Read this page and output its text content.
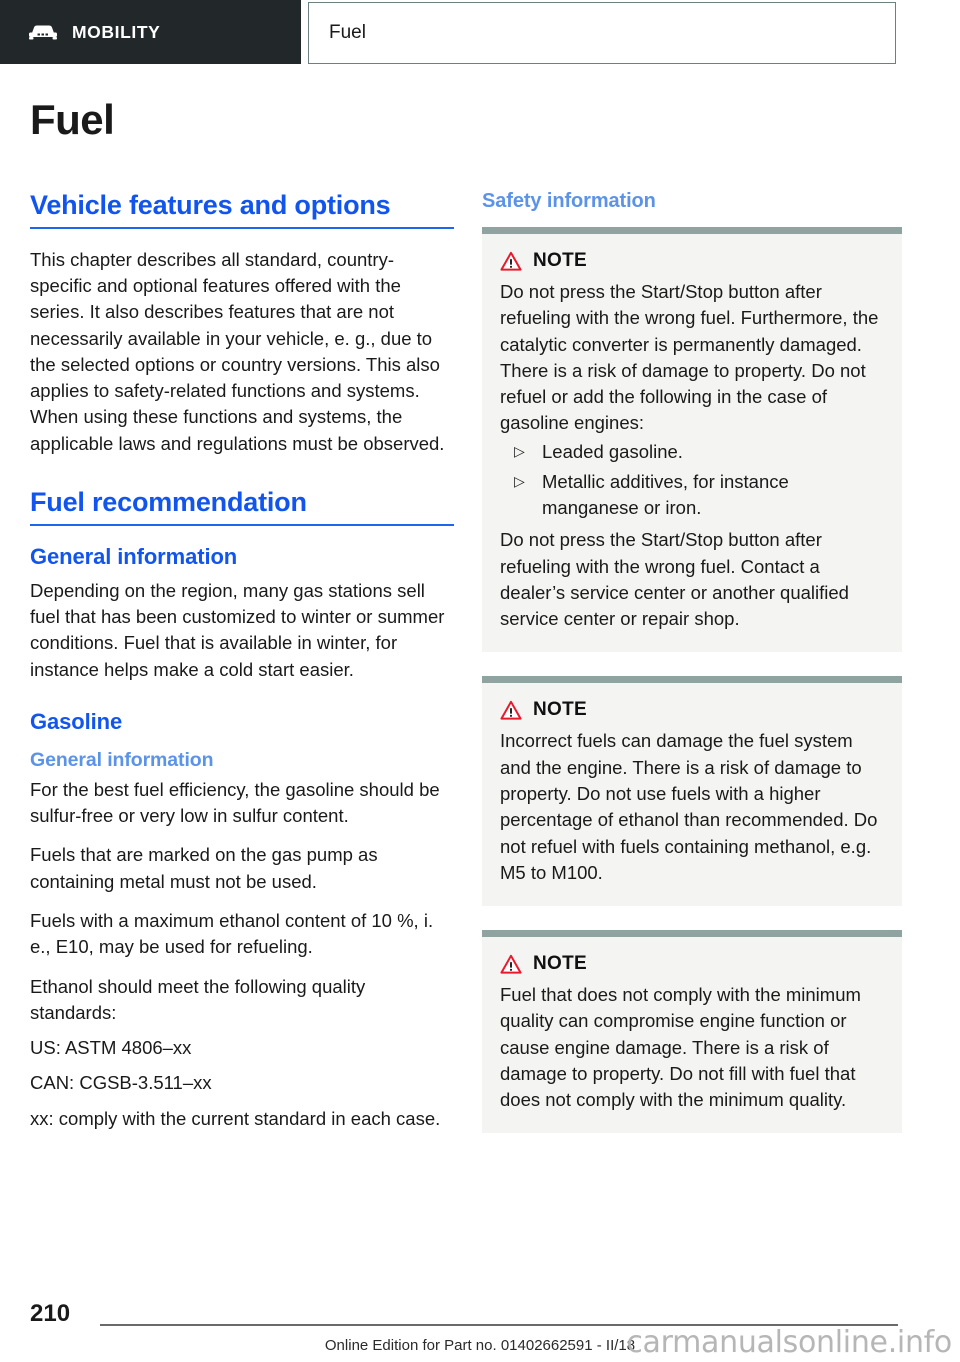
MOBILITY	Fuel
Fuel
Vehicle features and options

This chapter describes all standard, country-specific and optional features offered with the series. It also describes features that are not necessarily available in your vehicle, e. g., due to the selected options or country versions. This also applies to safety-related functions and systems. When using these functions and systems, the applicable laws and regulations must be observed.

Fuel recommendation
General information

Depending on the region, many gas stations sell fuel that has been customized to winter or summer conditions. Fuel that is available in winter, for instance helps make a cold start easier.

Gasoline
General information

For the best fuel efficiency, the gasoline should be sulfur-free or very low in sulfur content.

Fuels that are marked on the gas pump as containing metal must not be used.

Fuels with a maximum ethanol content of 10 %, i. e., E10, may be used for refueling.

Ethanol should meet the following quality standards:

US: ASTM 4806–xx

CAN: CGSB-3.511–xx

xx: comply with the current standard in each case.

Safety information
NOTE

Do not press the Start/Stop button after refueling with the wrong fuel. Furthermore, the catalytic converter is permanently damaged. There is a risk of damage to property. Do not refuel or add the following in the case of gasoline engines:

▷ Leaded gasoline.
▷ Metallic additives, for instance manganese or iron.

Do not press the Start/Stop button after refueling with the wrong fuel. Contact a dealer’s service center or another qualified service center or repair shop.

NOTE

Incorrect fuels can damage the fuel system and the engine. There is a risk of damage to property. Do not use fuels with a higher percentage of ethanol than recommended. Do not refuel with fuels containing methanol, e.g. M5 to M100.

NOTE

Fuel that does not comply with the minimum quality can compromise engine function or cause engine damage. There is a risk of damage to property. Do not fill with fuel that does not comply with the minimum quality.

210
Online Edition for Part no. 01402662591 - II/18
carmanualsonline.info
